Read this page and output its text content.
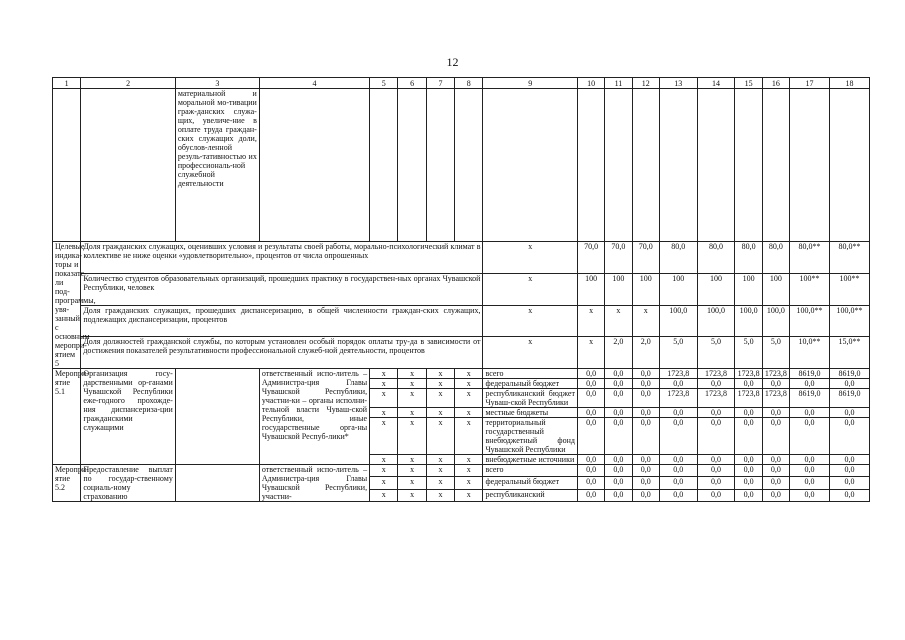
12
1	2	3	4	5	6	7	8	9	10	11	12	13	14	15	16	17	18
		материальной и моральной мо-тивации граж-данских служа-щих, увеличе-ние в оплате труда граждан-ских служащих доли, обуслов-ленной резуль-тативностью их профессиональ-ной служебной деятельности															
Целевые индика-торы и показате-ли под-программы, увя-занный с основным меропри-ятием 5	Доля гражданских служащих, оценивших условия и результаты своей работы, морально-психологический климат в коллективе не ниже оценки «удовлетворительно», процентов от числа опрошенных							x	70,0	70,0	70,0	80,0	80,0	80,0	80,0	80,0**	80,0**
	Количество студентов образовательных организаций, прошедших практику в государствен-ных органах Чувашской Республики, человек							x	100	100	100	100	100	100	100	100**	100**
	Доля гражданских служащих, прошедших диспансеризацию, в общей численности граждан-ских служащих, подлежащих диспансеризации, процентов							x	x	x	x	100,0	100,0	100,0	100,0	100,0**	100,0**
	Доля должностей гражданской службы, по которым установлен особый порядок оплаты тру-да в зависимости от достижения показателей результативности профессиональной служеб-ной деятельности, процентов							x	x	2,0	2,0	5,0	5,0	5,0	5,0	10,0**	15,0**
Меропри-ятие 5.1	Организация госу-дарственными ор-ганами Чувашской Республики еже-годного прохожде-ния диспансериза-ции гражданскими служащими		ответственный испо-литель – Администра-ция Главы Чувашской Республики, участни-ки – органы исполни-тельной власти Чуваш-ской Республики, иные государственные орга-ны Чувашской Респуб-лики*	x	x	x	x	всего	0,0	0,0	0,0	1723,8	1723,8	1723,8	1723,8	8619,0	8619,0
				x	x	x	x	федеральный бюджет	0,0	0,0	0,0	0,0	0,0	0,0	0,0	0,0	0,0
				x	x	x	x	республиканский бюджет Чуваш-ской Республики	0,0	0,0	0,0	1723,8	1723,8	1723,8	1723,8	8619,0	8619,0
				x	x	x	x	местные бюджеты	0,0	0,0	0,0	0,0	0,0	0,0	0,0	0,0	0,0
				x	x	x	x	территориальный государственный внебюджетный фонд Чувашской Республики	0,0	0,0	0,0	0,0	0,0	0,0	0,0	0,0	0,0
				x	x	x	x	внебюджетные источники	0,0	0,0	0,0	0,0	0,0	0,0	0,0	0,0	0,0
Меропри-ятие 5.2	Предоставление выплат по государ-ственному социаль-ному страхованию		ответственный испо-литель – Администра-ция Главы Чувашской Республики, участни-	x	x	x	x	всего	0,0	0,0	0,0	0,0	0,0	0,0	0,0	0,0	0,0
				x	x	x	x	федеральный бюджет	0,0	0,0	0,0	0,0	0,0	0,0	0,0	0,0	0,0
				x	x	x	x	республиканский	0,0	0,0	0,0	0,0	0,0	0,0	0,0	0,0	0,0
